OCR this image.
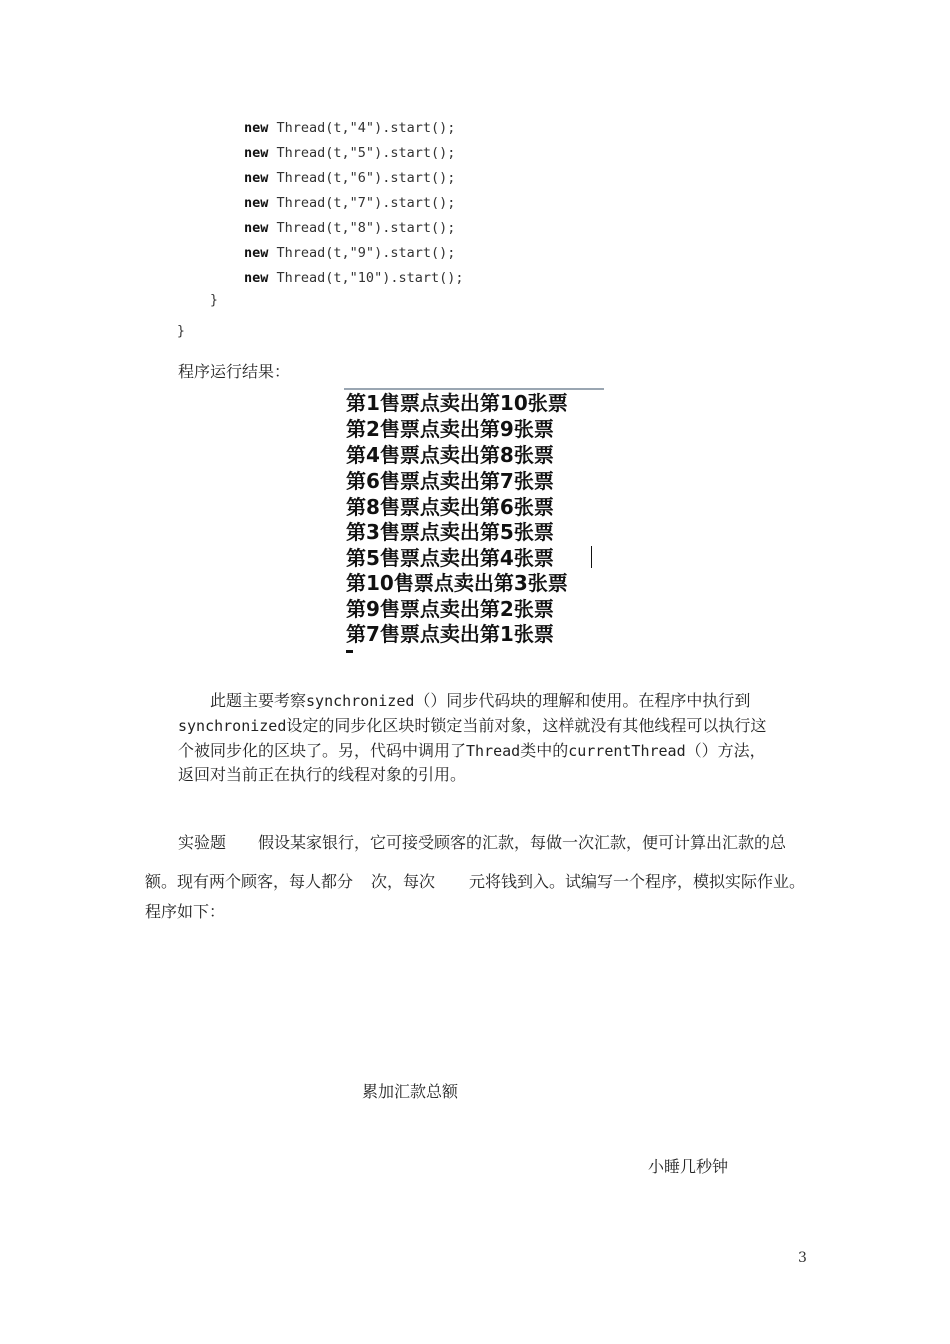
new Thread(t,"4").start();
new Thread(t,"5").start();
new Thread(t,"6").start();
new Thread(t,"7").start();
new Thread(t,"8").start();
new Thread(t,"9").start();
new Thread(t,"10").start();
}
}
程序运行结果：
第1售票点卖出第10张票
第2售票点卖出第9张票
第4售票点卖出第8张票
第6售票点卖出第7张票
第8售票点卖出第6张票
第3售票点卖出第5张票
第5售票点卖出第4张票
第10售票点卖出第3张票
第9售票点卖出第2张票
第7售票点卖出第1张票
此题主要考察synchronized（）同步代码块的理解和使用。在程序中执行到
synchronized设定的同步化区块时锁定当前对象，这样就没有其他线程可以执行这
个被同步化的区块了。另，代码中调用了Thread类中的currentThread（）方法，
返回对当前正在执行的线程对象的引用。
实验题 假设某家银行，它可接受顾客的汇款，每做一次汇款，便可计算出汇款的总
额。现有两个顾客，每人都分 次，每次 元将钱到入。试编写一个程序，模拟实际作业。
程序如下：
累加汇款总额
小睡几秒钟
3
